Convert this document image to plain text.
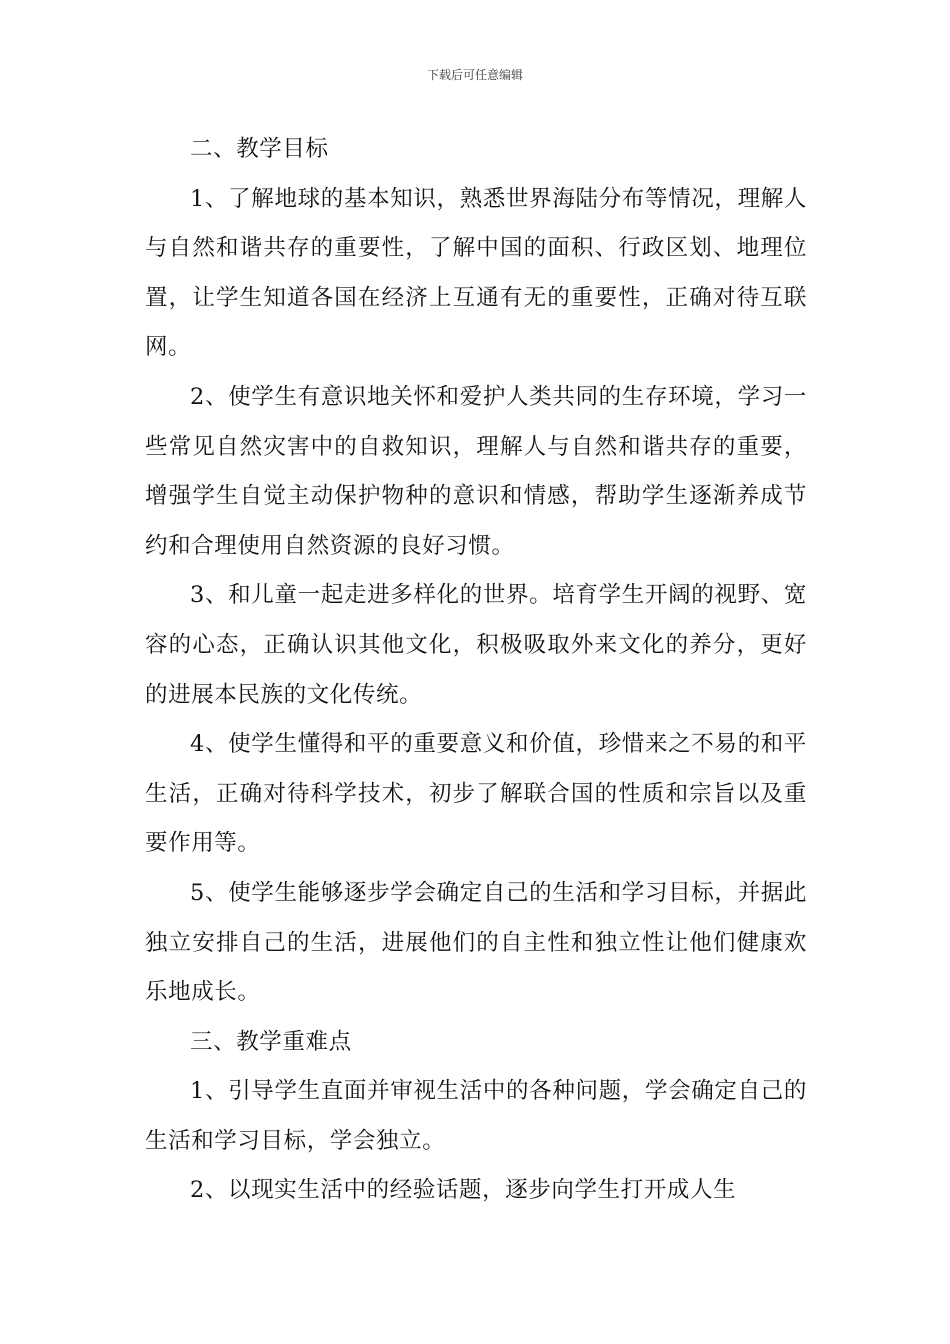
下载后可任意编辑

二、教学目标

1、了解地球的基本知识，熟悉世界海陆分布等情况，理解人与自然和谐共存的重要性，了解中国的面积、行政区划、地理位置，让学生知道各国在经济上互通有无的重要性，正确对待互联网。

2、使学生有意识地关怀和爱护人类共同的生存环境，学习一些常见自然灾害中的自救知识，理解人与自然和谐共存的重要，增强学生自觉主动保护物种的意识和情感，帮助学生逐渐养成节约和合理使用自然资源的良好习惯。

3、和儿童一起走进多样化的世界。培育学生开阔的视野、宽容的心态，正确认识其他文化，积极吸取外来文化的养分，更好的进展本民族的文化传统。

4、使学生懂得和平的重要意义和价值，珍惜来之不易的和平生活，正确对待科学技术，初步了解联合国的性质和宗旨以及重要作用等。

5、使学生能够逐步学会确定自己的生活和学习目标，并据此独立安排自己的生活，进展他们的自主性和独立性让他们健康欢乐地成长。

三、教学重难点

1、引导学生直面并审视生活中的各种问题，学会确定自己的生活和学习目标，学会独立。

2、以现实生活中的经验话题，逐步向学生打开成人生
